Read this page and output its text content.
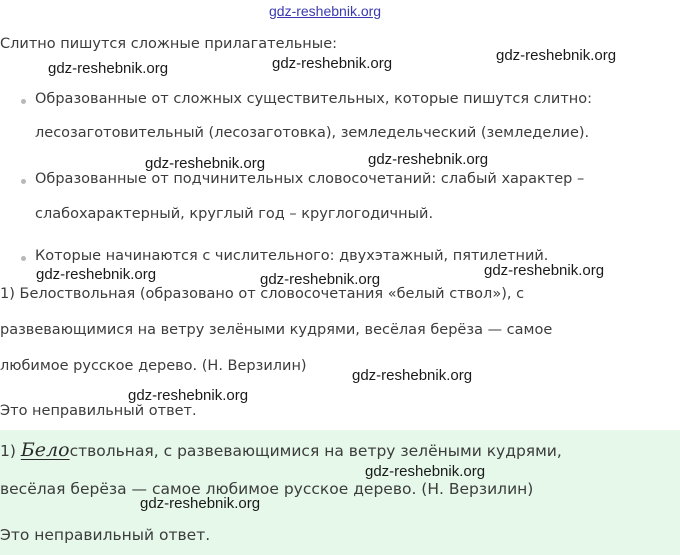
gdz-reshebnik.org
Слитно пишутся сложные прилагательные:
gdz-reshebnik.org	gdz-reshebnik.org	gdz-reshebnik.org
Образованные от сложных существительных, которые пишутся слитно:
лесозаготовительный (лесозаготовка), земледельческий (земледелие).
gdz-reshebnik.org	gdz-reshebnik.org
Образованные от подчинительных словосочетаний: слабый характер –
слабохарактерный, круглый год – круглогодичный.
Которые начинаются с числительного: двухэтажный, пятилетний.
gdz-reshebnik.org	gdz-reshebnik.org
gdz-reshebnik.org
1) Белоствольная (образовано от словосочетания «белый ствол»), с
развевающимися на ветру зелёными кудрями, весёлая берёза — самое
любимое русское дерево. (Н. Верзилин)
gdz-reshebnik.org
gdz-reshebnik.org
Это неправильный ответ.
1) Белоствольная, с развевающимися на ветру зелёными кудрями,
gdz-reshebnik.org
весёлая берёза — самое любимое русское дерево. (Н. Верзилин)
gdz-reshebnik.org
Это неправильный ответ.
